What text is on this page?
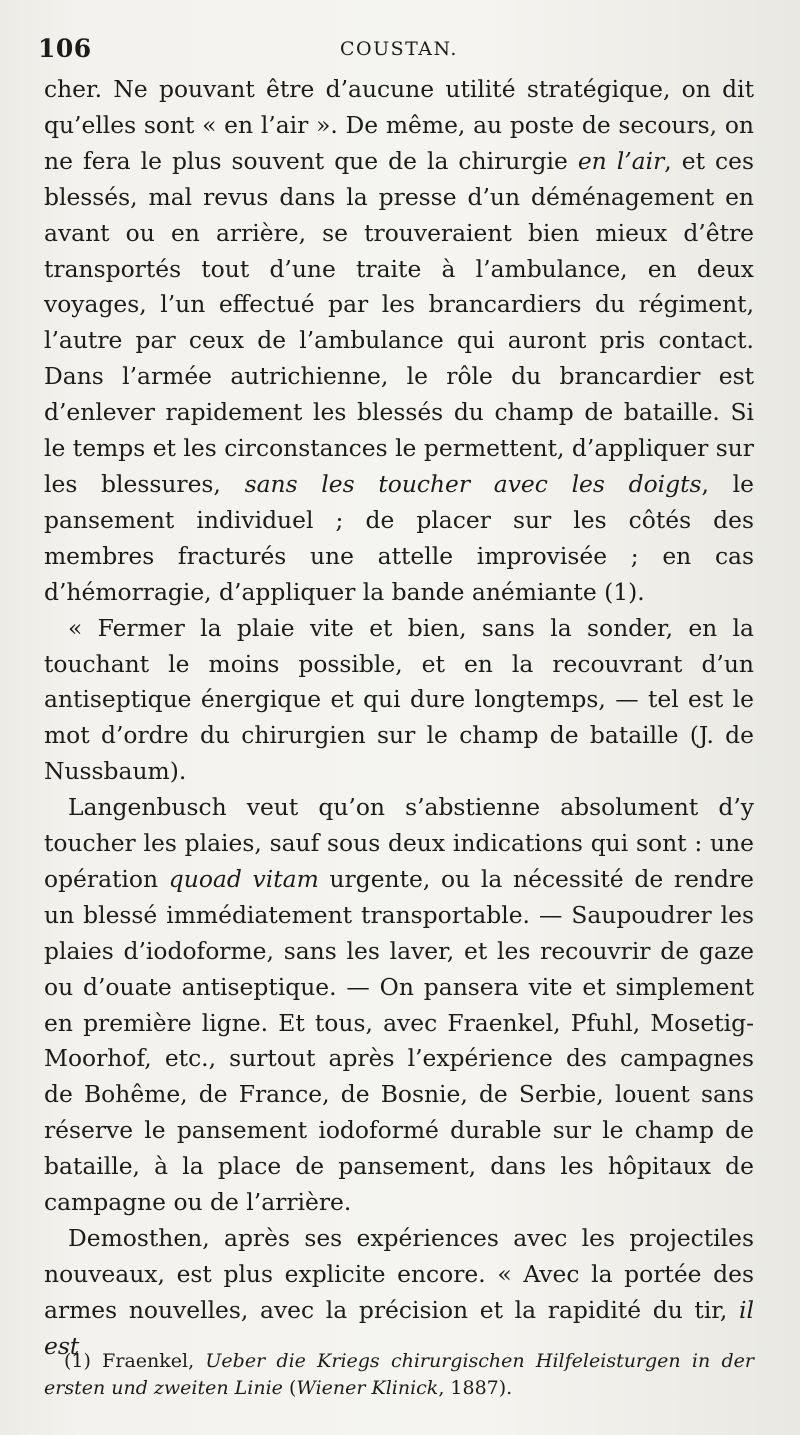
106	COUSTAN.

cher. Ne pouvant être d’aucune utilité stratégique, on dit qu’elles sont « en l’air ». De même, au poste de secours, on ne fera le plus souvent que de la chirurgie en l’air, et ces blessés, mal revus dans la presse d’un déménagement en avant ou en arrière, se trouveraient bien mieux d’être transportés tout d’une traite à l’ambulance, en deux voyages, l’un effectué par les brancardiers du régiment, l’autre par ceux de l’ambulance qui auront pris contact. Dans l’armée autrichienne, le rôle du brancardier est d’enlever rapidement les blessés du champ de bataille. Si le temps et les circonstances le permettent, d’appliquer sur les blessures, sans les toucher avec les doigts, le pansement individuel ; de placer sur les côtés des membres fracturés une attelle improvisée ; en cas d’hémorragie, d’appliquer la bande anémiante (1).

« Fermer la plaie vite et bien, sans la sonder, en la touchant le moins possible, et en la recouvrant d’un antiseptique énergique et qui dure longtemps, — tel est le mot d’ordre du chirurgien sur le champ de bataille (J. de Nussbaum).

Langenbusch veut qu’on s’abstienne absolument d’y toucher les plaies, sauf sous deux indications qui sont : une opération quoad vitam urgente, ou la nécessité de rendre un blessé immédiatement transportable. — Saupoudrer les plaies d’iodoforme, sans les laver, et les recouvrir de gaze ou d’ouate antiseptique. — On pansera vite et simplement en première ligne. Et tous, avec Fraenkel, Pfuhl, Mosetig-Moorhof, etc., surtout après l’expérience des campagnes de Bohême, de France, de Bosnie, de Serbie, louent sans réserve le pansement iodoformé durable sur le champ de bataille, à la place de pansement, dans les hôpitaux de campagne ou de l’arrière.

Demosthen, après ses expériences avec les projectiles nouveaux, est plus explicite encore. « Avec la portée des armes nouvelles, avec la précision et la rapidité du tir, il est

(1) Fraenkel, Ueber die Kriegs chirurgischen Hilfeleisturgen in der ersten und zweiten Linie (Wiener Klinick, 1887).
